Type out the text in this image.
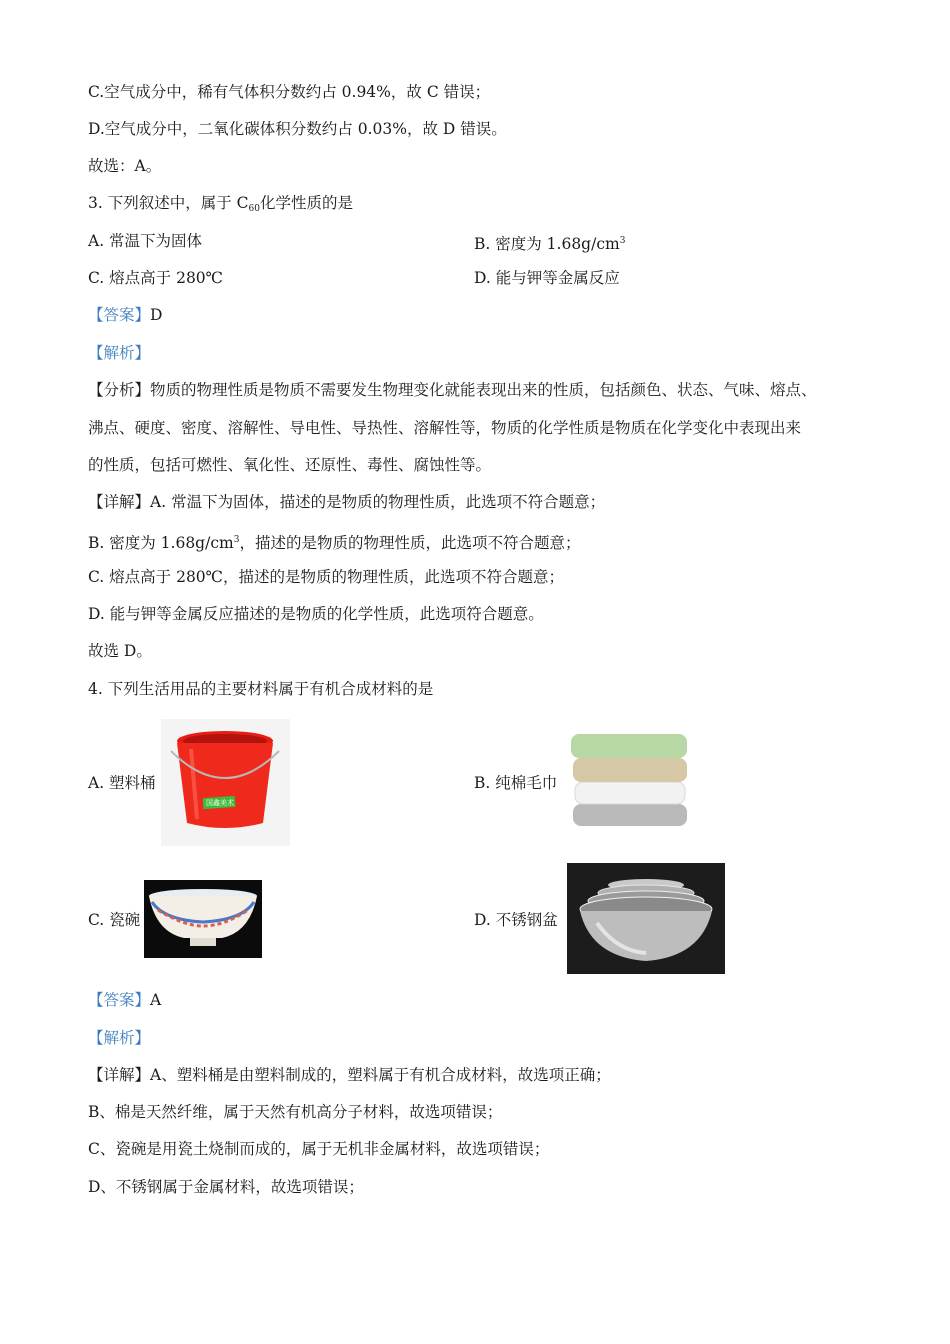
C.空气成分中，稀有气体积分数约占 0.94%，故 C 错误；
D.空气成分中，二氧化碳体积分数约占 0.03%，故 D 错误。
故选：A。
3. 下列叙述中，属于 $C_{60}$化学性质的是
A. 常温下为固体	B. 密度为 $1.68g/cm^3$
C. 熔点高于 280℃	D. 能与钾等金属反应
【答案】D
【解析】
【分析】物质的物理性质是物质不需要发生物理变化就能表现出来的性质，包括颜色、状态、气味、熔点、
沸点、硬度、密度、溶解性、导电性、导热性、溶解性等，物质的化学性质是物质在化学变化中表现出来
的性质，包括可燃性、氧化性、还原性、毒性、腐蚀性等。
【详解】A. 常温下为固体，描述的是物质的物理性质，此选项不符合题意；
B. 密度为 $1.68g/cm^3$，描述的是物质的物理性质，此选项不符合题意；
C. 熔点高于 280℃，描述的是物质的物理性质，此选项不符合题意；
D. 能与钾等金属反应描述的是物质的化学性质，此选项符合题意。
故选 D。
4. 下列生活用品的主要材料属于有机合成材料的是
A. 塑料桶
国鑫美术
B. 纯棉毛巾
C. 瓷碗	D. 不锈钢盆
【答案】A
【解析】
【详解】A、塑料桶是由塑料制成的，塑料属于有机合成材料，故选项正确；
B、棉是天然纤维，属于天然有机高分子材料，故选项错误；
C、瓷碗是用瓷土烧制而成的，属于无机非金属材料，故选项错误；
D、不锈钢属于金属材料，故选项错误；
